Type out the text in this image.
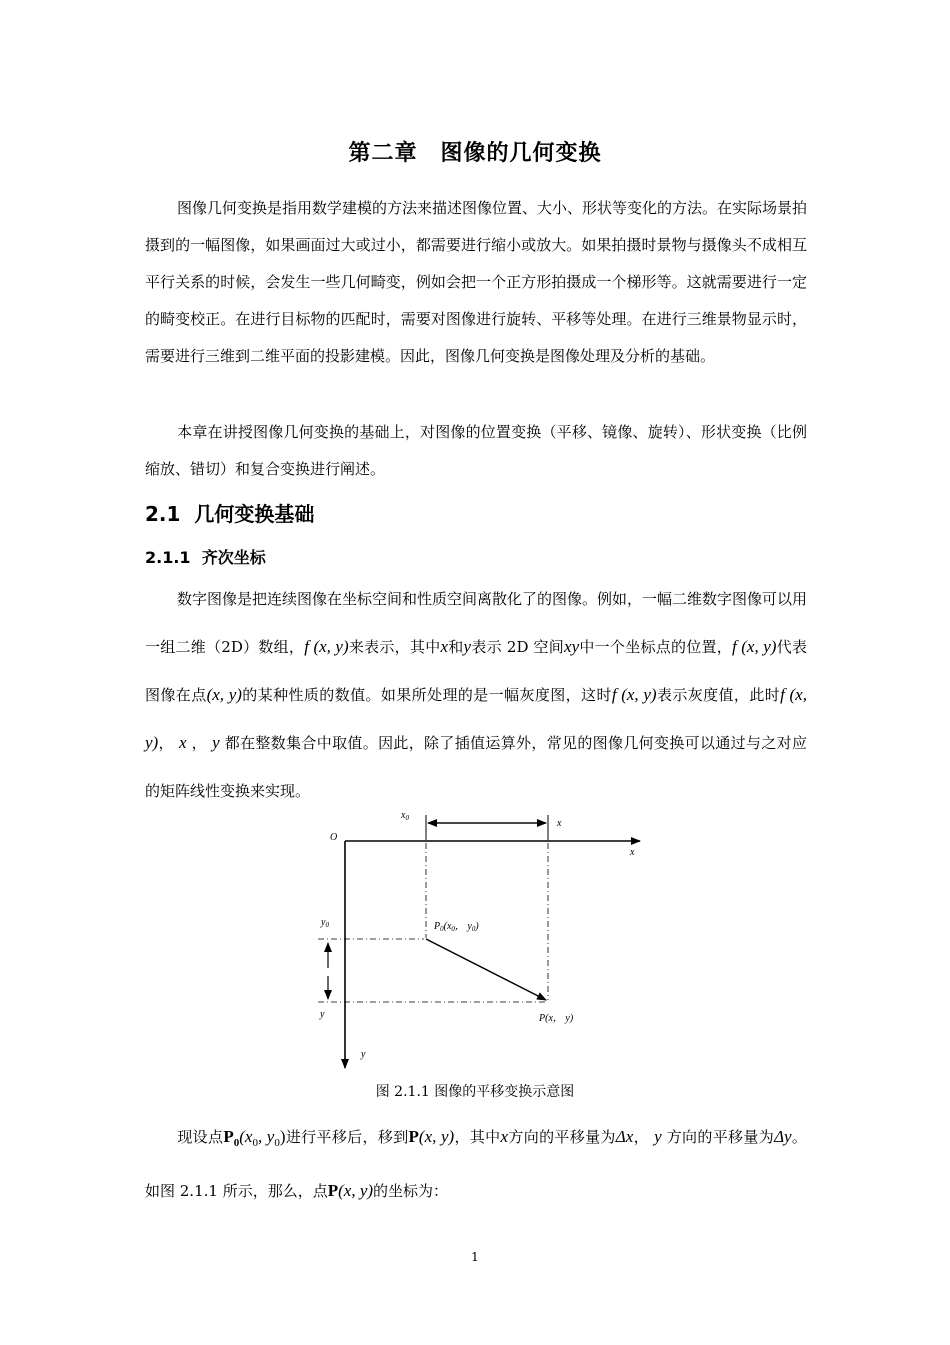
第二章　图像的几何变换
图像几何变换是指用数学建模的方法来描述图像位置、大小、形状等变化的方法。在实际场景拍摄到的一幅图像，如果画面过大或过小，都需要进行缩小或放大。如果拍摄时景物与摄像头不成相互平行关系的时候，会发生一些几何畸变，例如会把一个正方形拍摄成一个梯形等。这就需要进行一定的畸变校正。在进行目标物的匹配时，需要对图像进行旋转、平移等处理。在进行三维景物显示时，需要进行三维到二维平面的投影建模。因此，图像几何变换是图像处理及分析的基础。
本章在讲授图像几何变换的基础上，对图像的位置变换（平移、镜像、旋转）、形状变换（比例缩放、错切）和复合变换进行阐述。
2.1 几何变换基础
2.1.1 齐次坐标
数字图像是把连续图像在坐标空间和性质空间离散化了的图像。例如，一幅二维数字图像可以用一组二维（2D）数组，f (x, y)来表示，其中x和y表示 2D 空间xy中一个坐标点的位置，f (x, y)代表图像在点(x, y)的某种性质的数值。如果所处理的是一幅灰度图，这时f (x, y)表示灰度值，此时f (x, y)， x ， y 都在整数集合中取值。因此，除了插值运算外，常见的图像几何变换可以通过与之对应的矩阵线性变换来实现。
O
$x_0$	x
x
$y_0$	$P_0(x_0$， $y_0$)
y	P(x， y)
y
图 2.1.1 图像的平移变换示意图
现设点$P_0(x_0$, $y_0$)进行平移后，移到P(x, y)，其中x方向的平移量为Δx， y 方向的平移量为Δy。如图 2.1.1 所示，那么，点P(x, y)的坐标为：
1
